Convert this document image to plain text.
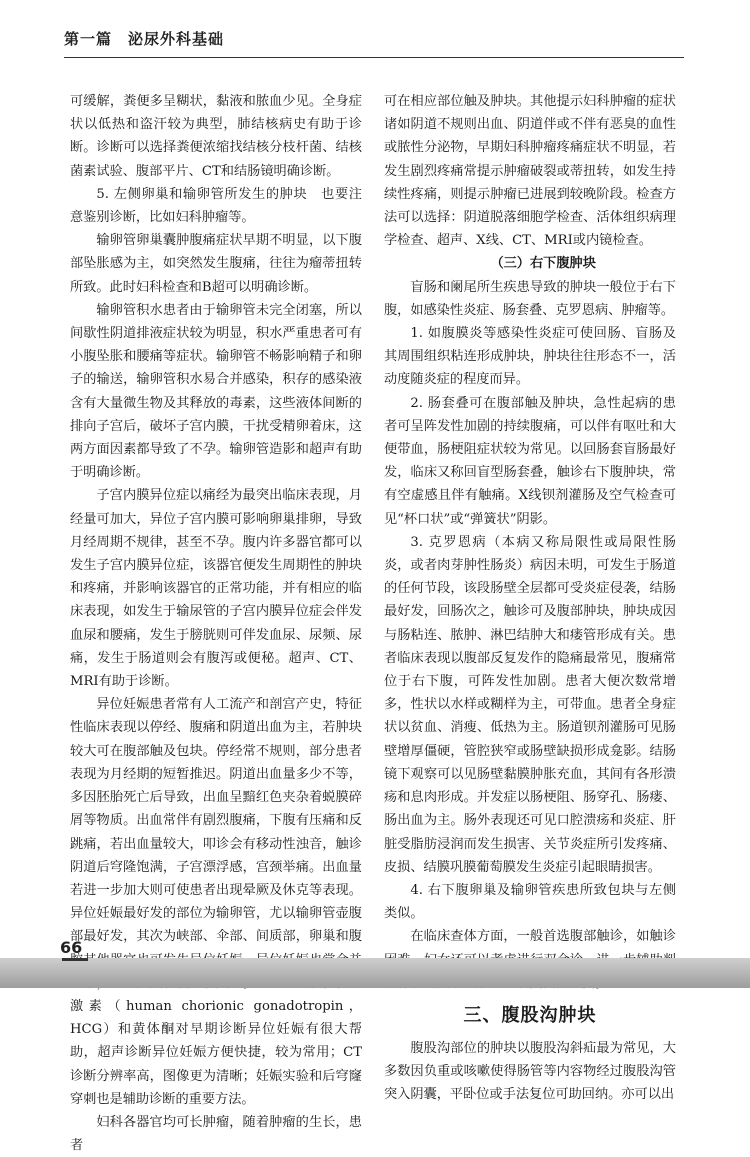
第一篇　泌尿外科基础

可缓解，粪便多呈糊状，黏液和脓血少见。全身症状以低热和盗汗较为典型，肺结核病史有助于诊断。诊断可以选择粪便浓缩找结核分枝杆菌、结核菌素试验、腹部平片、CT和结肠镜明确诊断。

5. 左侧卵巢和输卵管所发生的肿块　也要注意鉴别诊断，比如妇科肿瘤等。

输卵管卵巢囊肿腹痛症状早期不明显，以下腹部坠胀感为主，如突然发生腹痛，往往为瘤蒂扭转所致。此时妇科检查和B超可以明确诊断。

输卵管积水患者由于输卵管未完全闭塞，所以间歇性阴道排液症状较为明显，积水严重患者可有小腹坠胀和腰痛等症状。输卵管不畅影响精子和卵子的输送，输卵管积水易合并感染，积存的感染液含有大量微生物及其释放的毒素，这些液体间断的排向子宫后，破坏子宫内膜，干扰受精卵着床，这两方面因素都导致了不孕。输卵管造影和超声有助于明确诊断。

子宫内膜异位症以痛经为最突出临床表现，月经量可加大，异位子宫内膜可影响卵巢排卵，导致月经周期不规律，甚至不孕。腹内许多器官都可以发生子宫内膜异位症，该器官便发生周期性的肿块和疼痛，并影响该器官的正常功能，并有相应的临床表现，如发生于输尿管的子宫内膜异位症会伴发血尿和腰痛，发生于膀胱则可伴发血尿、尿频、尿痛，发生于肠道则会有腹泻或便秘。超声、CT、MRI有助于诊断。

异位妊娠患者常有人工流产和剖宫产史，特征性临床表现以停经、腹痛和阴道出血为主，若肿块较大可在腹部触及包块。停经常不规则，部分患者表现为月经期的短暂推迟。阴道出血量多少不等，多因胚胎死亡后导致，出血呈黯红色夹杂着蜕膜碎屑等物质。出血常伴有剧烈腹痛，下腹有压痛和反跳痛，若出血量较大，叩诊会有移动性浊音，触诊阴道后穹隆饱满，子宫漂浮感，宫颈举痛。出血量若进一步加大则可使患者出现晕厥及休克等表现。异位妊娠最好发的部位为输卵管，尤以输卵管壶腹部最好发，其次为峡部、伞部、间质部，卵巢和腹 激素（human chorionic gonadotropin，HCG）和黄体酮对早期诊断异位妊娠有很大帮助，超声诊断异位妊娠方便快捷，较为常用；CT诊断分辨率高，图像更为清晰；妊娠实验和后穹窿穿刺也是辅助诊断的重要方法。

妇科各器官均可长肿瘤，随着肿瘤的生长，患者

可在相应部位触及肿块。其他提示妇科肿瘤的症状诸如阴道不规则出血、阴道伴或不伴有恶臭的血性或脓性分泌物，早期妇科肿瘤疼痛症状不明显，若发生剧烈疼痛常提示肿瘤破裂或蒂扭转，如发生持续性疼痛，则提示肿瘤已进展到较晚阶段。检查方法可以选择：阴道脱落细胞学检查、活体组织病理学检查、超声、X线、CT、MRI或内镜检查。

（三）右下腹肿块

盲肠和阑尾所生疾患导致的肿块一般位于右下腹，如感染性炎症、肠套叠、克罗恩病、肿瘤等。

1. 如腹膜炎等感染性炎症可使回肠、盲肠及其周围组织粘连形成肿块，肿块往往形态不一，活动度随炎症的程度而异。

2. 肠套叠可在腹部触及肿块，急性起病的患者可呈阵发性加剧的持续腹痛，可以伴有呕吐和大便带血，肠梗阻症状较为常见。以回肠套盲肠最好发，临床又称回盲型肠套叠，触诊右下腹肿块，常有空虚感且伴有触痛。X线钡剂灌肠及空气检查可见“杯口状”或“弹簧状”阴影。

3. 克罗恩病（本病又称局限性或局限性肠炎，或者肉芽肿性肠炎）病因未明，可发生于肠道的任何节段，该段肠壁全层都可受炎症侵袭，结肠最好发，回肠次之，触诊可及腹部肿块，肿块成因与肠粘连、脓肿、淋巴结肿大和瘘管形成有关。患者临床表现以腹部反复发作的隐痛最常见，腹痛常位于右下腹，可阵发性加剧。患者大便次数常增多，性状以水样或糊样为主，可带血。患者全身症状以贫血、消瘦、低热为主。肠道钡剂灌肠可见肠壁增厚僵硬，管腔狭窄或肠壁缺损形成龛影。结肠镜下观察可以见肠壁黏膜肿胀充血，其间有各形溃疡和息肉形成。并发症以肠梗阻、肠穿孔、肠瘘、肠出血为主。肠外表现还可见口腔溃疡和炎症、肝脏受脂肪浸润而发生损害、关节炎症所引发疼痛、皮损、结膜巩膜葡萄膜发生炎症引起眼睛损害。

4. 右下腹卵巢及输卵管疾患所致包块与左侧类似。

在临床查体方面，一般首选腹部触诊，如触诊

三、腹股沟肿块

腹股沟部位的肿块以腹股沟斜疝最为常见，大多数因负重或咳嗽使得肠管等内容物经过腹股沟管突入阴囊，平卧位或手法复位可助回纳。亦可以出

66
